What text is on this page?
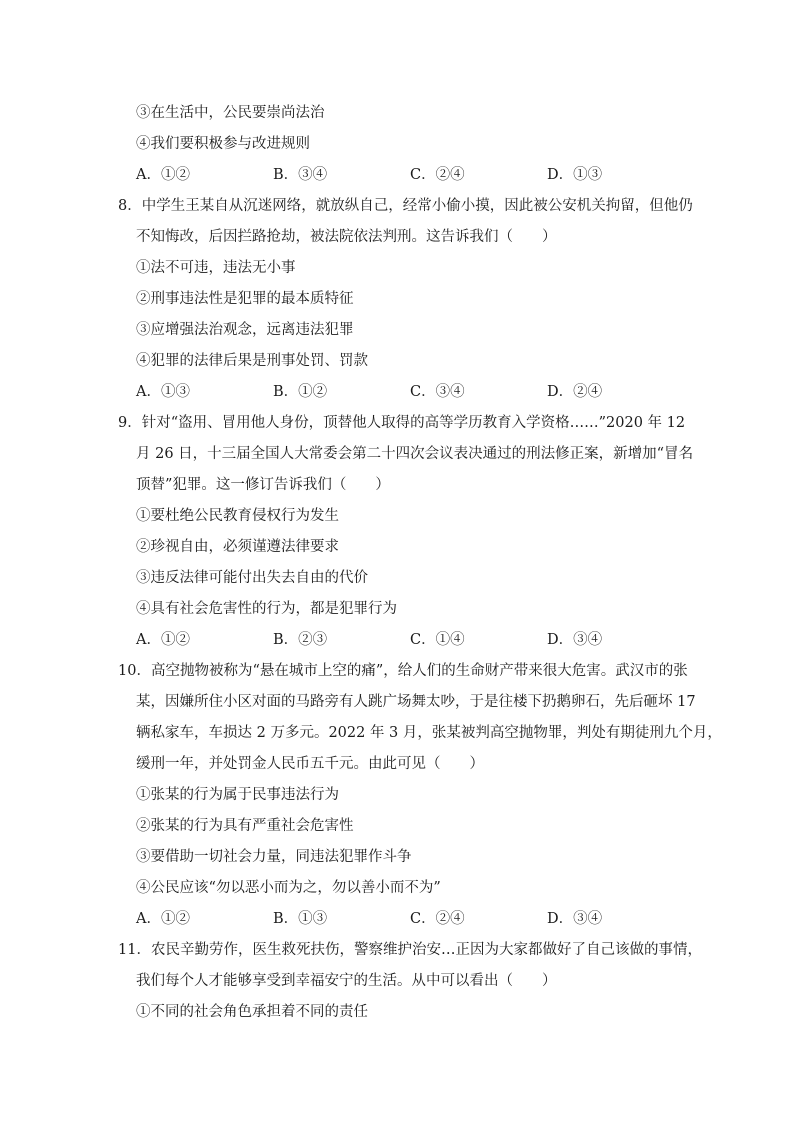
③在生活中，公民要崇尚法治
④我们要积极参与改进规则
A．①②	B．③④	C．②④	D．①③
8．中学生王某自从沉迷网络，就放纵自己，经常小偷小摸，因此被公安机关拘留，但他仍
不知悔改，后因拦路抢劫，被法院依法判刑。这告诉我们（　　）
①法不可违，违法无小事
②刑事违法性是犯罪的最本质特征
③应增强法治观念，远离违法犯罪
④犯罪的法律后果是刑事处罚、罚款
A．①③	B．①②	C．③④	D．②④
9．针对“盗用、冒用他人身份，顶替他人取得的高等学历教育入学资格……”2020 年 12
月 26 日，十三届全国人大常委会第二十四次会议表决通过的刑法修正案，新增加“冒名
顶替”犯罪。这一修订告诉我们（　　）
①要杜绝公民教育侵权行为发生
②珍视自由，必须谨遵法律要求
③违反法律可能付出失去自由的代价
④具有社会危害性的行为，都是犯罪行为
A．①②	B．②③	C．①④	D．③④
10．高空抛物被称为“悬在城市上空的痛”，给人们的生命财产带来很大危害。武汉市的张
某，因嫌所住小区对面的马路旁有人跳广场舞太吵，于是往楼下扔鹅卵石，先后砸坏 17
辆私家车，车损达 2 万多元。2022 年 3 月，张某被判高空抛物罪，判处有期徒刑九个月，
缓刑一年，并处罚金人民币五千元。由此可见（　　）
①张某的行为属于民事违法行为
②张某的行为具有严重社会危害性
③要借助一切社会力量，同违法犯罪作斗争
④公民应该“勿以恶小而为之，勿以善小而不为”
A．①②	B．①③	C．②④	D．③④
11．农民辛勤劳作，医生救死扶伤，警察维护治安…正因为大家都做好了自己该做的事情，
我们每个人才能够享受到幸福安宁的生活。从中可以看出（　　）
①不同的社会角色承担着不同的责任
